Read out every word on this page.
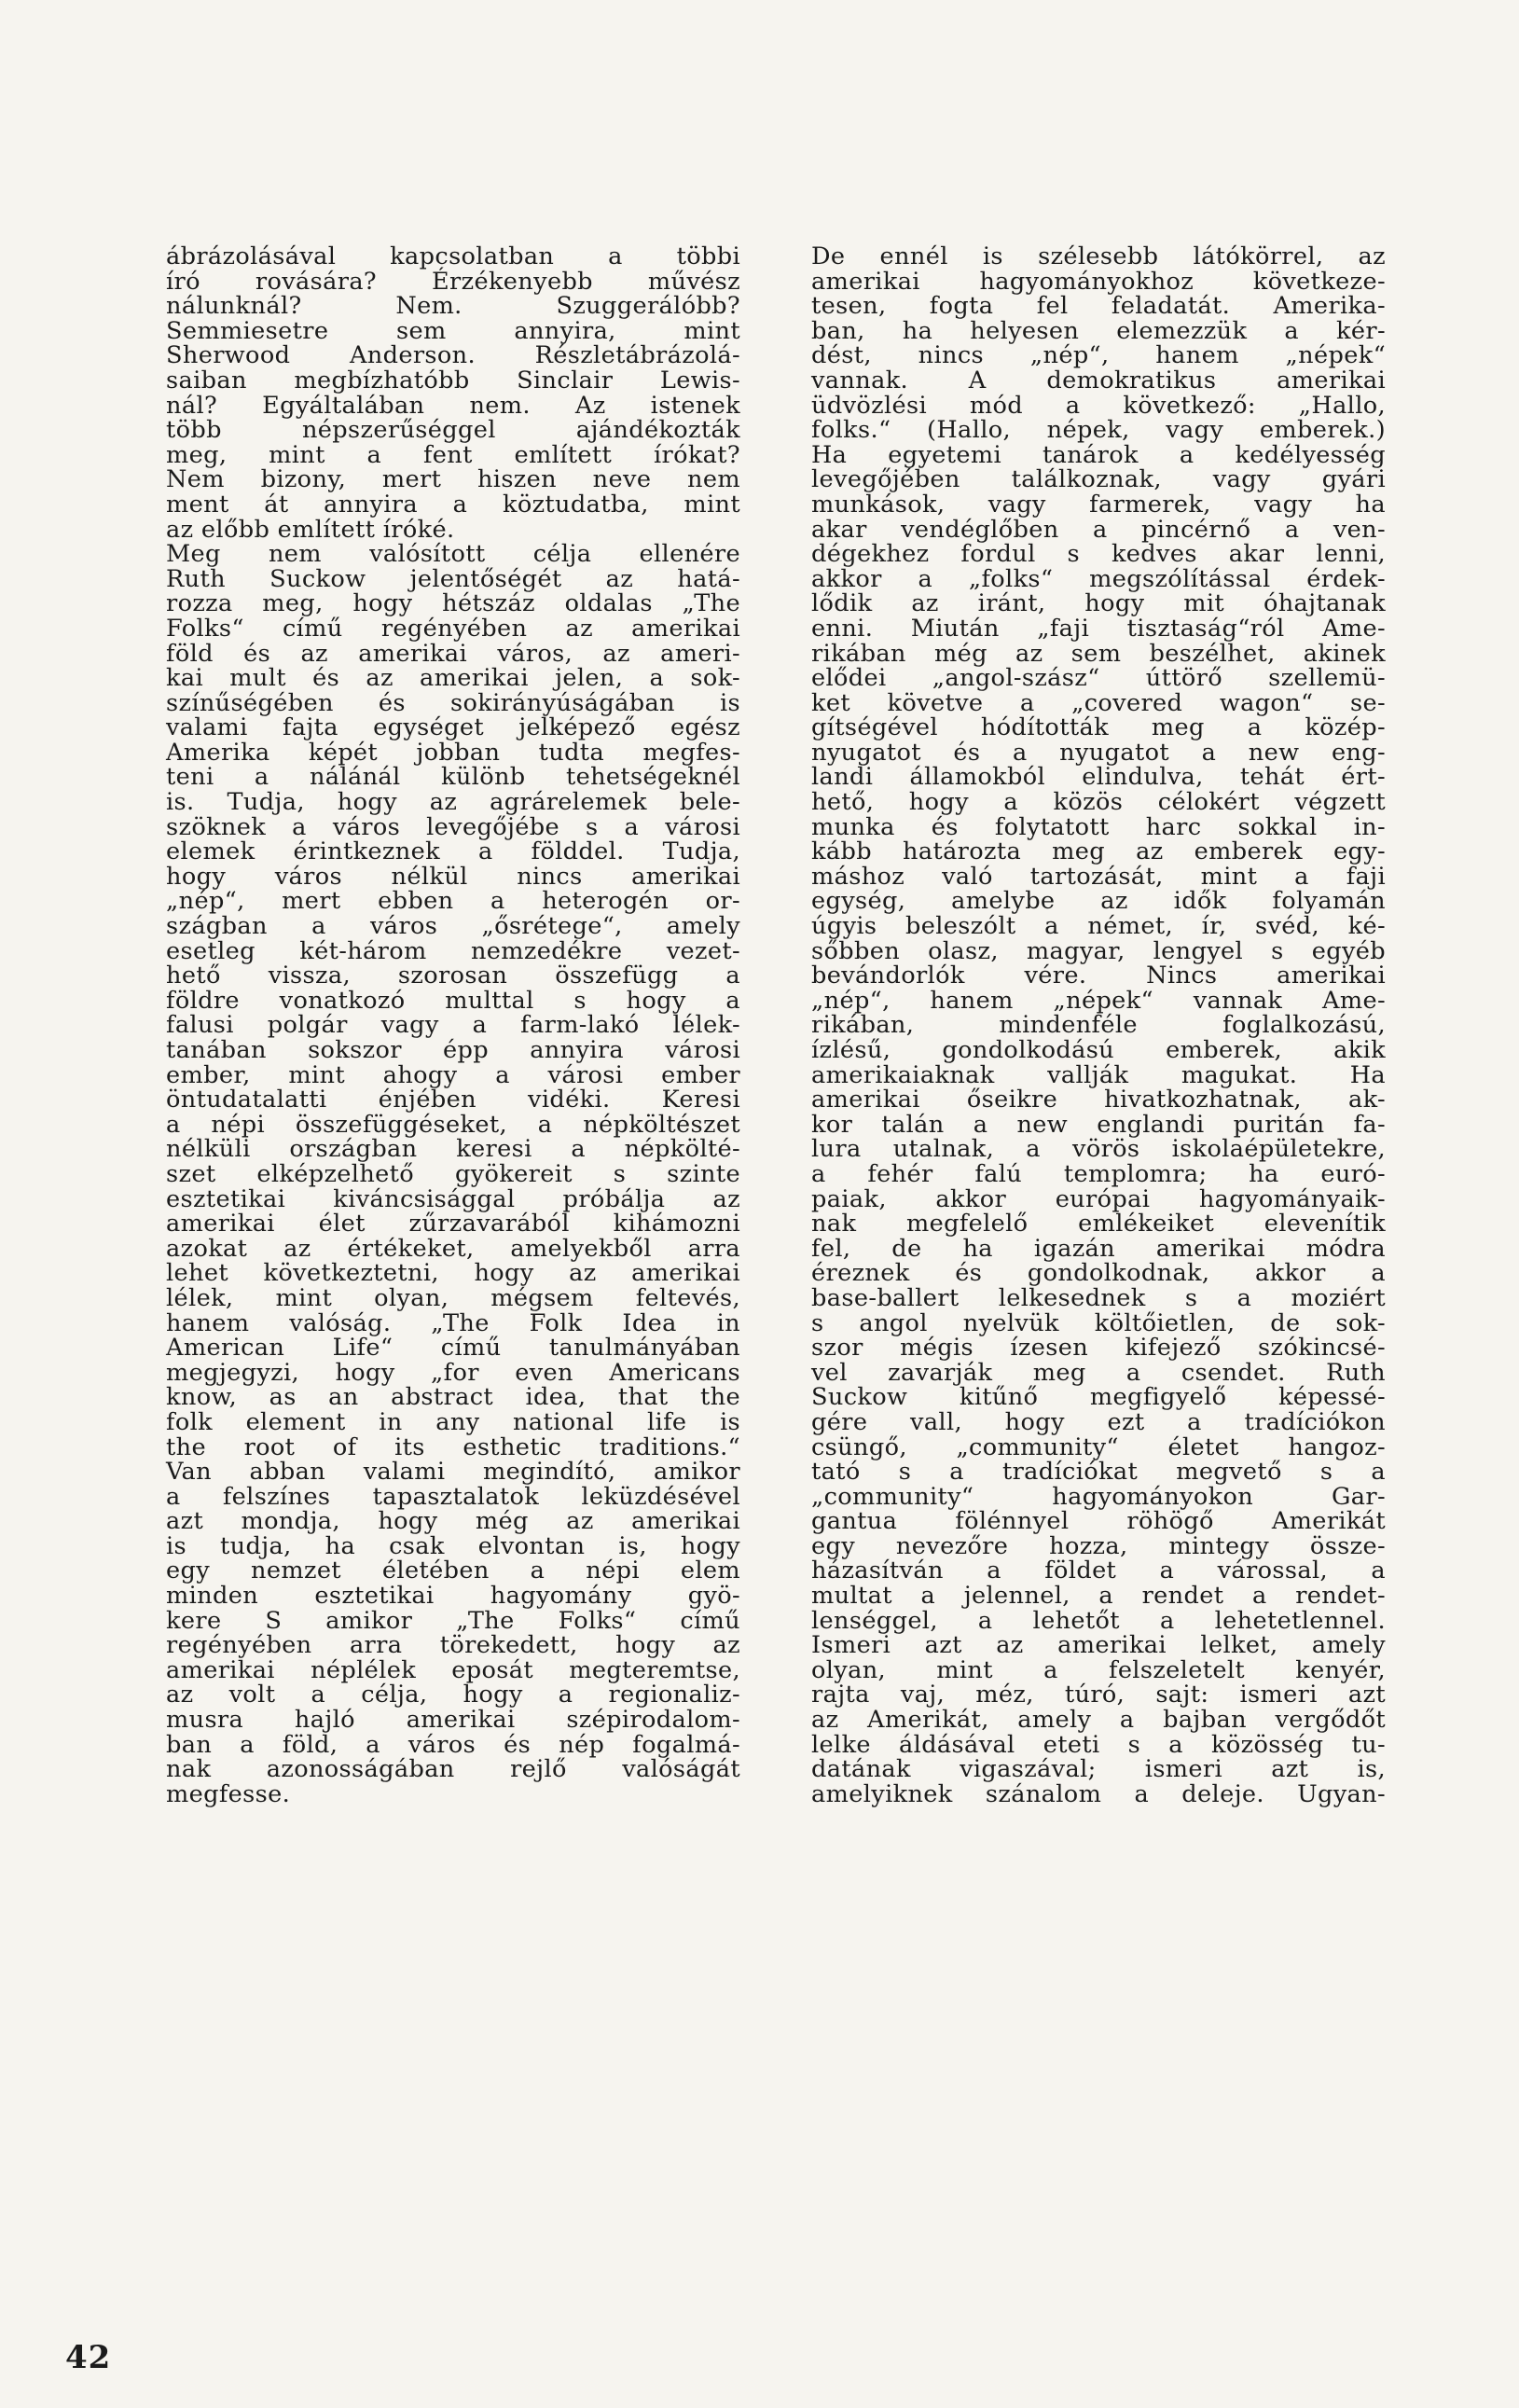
ábrázolásával kapcsolatban a többi
író rovására? Érzékenyebb művész
nálunknál? Nem. Szuggerálóbb?
Semmiesetre sem annyira, mint
Sherwood Anderson. Részletábrázolá-
saiban megbízhatóbb Sinclair Lewis-
nál? Egyáltalában nem. Az istenek
több népszerűséggel ajándékozták
meg, mint a fent említett írókat?
Nem bizony, mert hiszen neve nem
ment át annyira a köztudatba, mint
az előbb említett íróké.
Meg nem valósított célja ellenére
Ruth Suckow jelentőségét az hatá-
rozza meg, hogy hétszáz oldalas „The
Folks“ című regényében az amerikai
föld és az amerikai város, az ameri-
kai mult és az amerikai jelen, a sok-
színűségében és sokirányúságában is
valami fajta egységet jelképező egész
Amerika képét jobban tudta megfes-
teni a nálánál különb tehetségeknél
is. Tudja, hogy az agrárelemek bele-
szöknek a város levegőjébe s a városi
elemek érintkeznek a földdel. Tudja,
hogy város nélkül nincs amerikai
„nép“, mert ebben a heterogén or-
szágban a város „ősrétege“, amely
esetleg két-három nemzedékre vezet-
hető vissza, szorosan összefügg a
földre vonatkozó multtal s hogy a
falusi polgár vagy a farm-lakó lélek-
tanában sokszor épp annyira városi
ember, mint ahogy a városi ember
öntudatalatti énjében vidéki. Keresi
a népi összefüggéseket, a népköltészet
nélküli országban keresi a népkölté-
szet elképzelhető gyökereit s szinte
esztetikai kiváncsisággal próbálja az
amerikai élet zűrzavarából kihámozni
azokat az értékeket, amelyekből arra
lehet következtetni, hogy az amerikai
lélek, mint olyan, mégsem feltevés,
hanem valóság. „The Folk Idea in
American Life“ című tanulmányában
megjegyzi, hogy „for even Americans
know, as an abstract idea, that the
folk element in any national life is
the root of its esthetic traditions.“
Van abban valami megindító, amikor
a felszínes tapasztalatok leküzdésével
azt mondja, hogy még az amerikai
is tudja, ha csak elvontan is, hogy
egy nemzet életében a népi elem
minden esztetikai hagyomány gyö-
kere S amikor „The Folks“ című
regényében arra törekedett, hogy az
amerikai néplélek eposát megteremtse,
az volt a célja, hogy a regionaliz-
musra hajló amerikai szépirodalom-
ban a föld, a város és nép fogalmá-
nak azonosságában rejlő valóságát
megfesse.
De ennél is szélesebb látókörrel, az
amerikai hagyományokhoz következe-
tesen, fogta fel feladatát. Amerika-
ban, ha helyesen elemezzük a kér-
dést, nincs „nép“, hanem „népek“
vannak. A demokratikus amerikai
üdvözlési mód a következő: „Hallo,
folks.“ (Hallo, népek, vagy emberek.)
Ha egyetemi tanárok a kedélyesség
levegőjében találkoznak, vagy gyári
munkások, vagy farmerek, vagy ha
akar vendéglőben a pincérnő a ven-
dégekhez fordul s kedves akar lenni,
akkor a „folks“ megszólítással érdek-
lődik az iránt, hogy mit óhajtanak
enni. Miután „faji tisztaság“ról Ame-
rikában még az sem beszélhet, akinek
elődei „angol-szász“ úttörő szellemü-
ket követve a „covered wagon“ se-
gítségével hódították meg a közép-
nyugatot és a nyugatot a new eng-
landi államokból elindulva, tehát ért-
hető, hogy a közös célokért végzett
munka és folytatott harc sokkal in-
kább határozta meg az emberek egy-
máshoz való tartozását, mint a faji
egység, amelybe az idők folyamán
úgyis beleszólt a német, ír, svéd, ké-
sőbben olasz, magyar, lengyel s egyéb
bevándorlók vére. Nincs amerikai
„nép“, hanem „népek“ vannak Ame-
rikában, mindenféle foglalkozású,
ízlésű, gondolkodású emberek, akik
amerikaiaknak vallják magukat. Ha
amerikai őseikre hivatkozhatnak, ak-
kor talán a new englandi puritán fa-
lura utalnak, a vörös iskolaépületekre,
a fehér falú templomra; ha euró-
paiak, akkor európai hagyományaik-
nak megfelelő emlékeiket elevenítik
fel, de ha igazán amerikai módra
éreznek és gondolkodnak, akkor a
base-ballert lelkesednek s a moziért
s angol nyelvük költőietlen, de sok-
szor mégis ízesen kifejező szókincsé-
vel zavarják meg a csendet. Ruth
Suckow kitűnő megfigyelő képessé-
gére vall, hogy ezt a tradíciókon
csüngő, „community“ életet hangoz-
tató s a tradíciókat megvető s a
„community“ hagyományokon Gar-
gantua fölénnyel röhögő Amerikát
egy nevezőre hozza, mintegy össze-
házasítván a földet a várossal, a
multat a jelennel, a rendet a rendet-
lenséggel, a lehetőt a lehetetlennel.
Ismeri azt az amerikai lelket, amely
olyan, mint a felszeletelt kenyér,
rajta vaj, méz, túró, sajt: ismeri azt
az Amerikát, amely a bajban vergődőt
lelke áldásával eteti s a közösség tu-
datának vigaszával; ismeri azt is,
amelyiknek szánalom a deleje. Ugyan-
42
